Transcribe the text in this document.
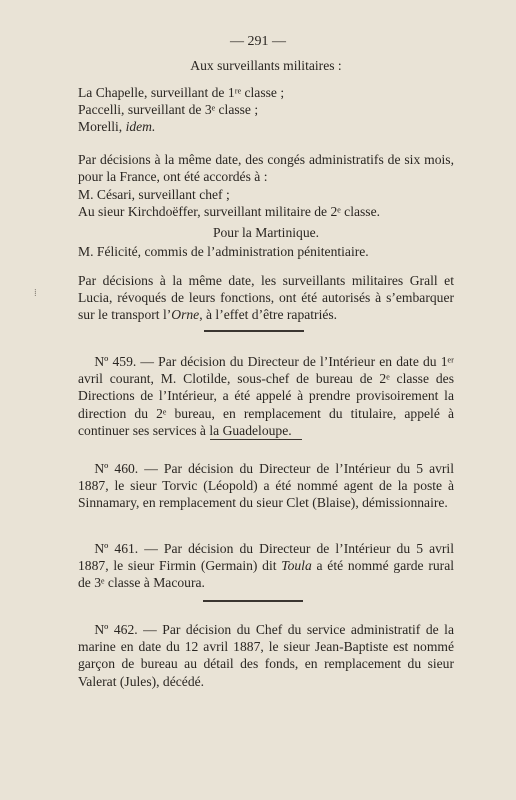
— 291 —

Aux surveillants militaires :

La Chapelle, surveillant de 1ʳᵉ classe ;

Paccelli, surveillant de 3ᵉ classe ;

Morelli, idem.

Par décisions à la même date, des congés administratifs de six mois, pour la France, ont été accordés à :

M. Césari, surveillant chef ;

Au sieur Kirchdoëffer, surveillant militaire de 2ᵉ classe.

Pour la Martinique.

M. Félicité, commis de l’administration pénitentiaire.

Par décisions à la même date, les surveillants militaires Grall et Lucia, révoqués de leurs fonctions, ont été autorisés à s’embarquer sur le transport l’Orne, à l’effet d’être rapatriés.

⁞

Nº 459. — Par décision du Directeur de l’Intérieur en date du 1ᵉʳ avril courant, M. Clotilde, sous-chef de bureau de 2ᵉ classe des Directions de l’Intérieur, a été appelé à prendre provisoirement la direction du 2ᵉ bureau, en remplacement du titulaire, appelé à continuer ses services à la Guadeloupe.

Nº 460. — Par décision du Directeur de l’Intérieur du 5 avril 1887, le sieur Torvic (Léopold) a été nommé agent de la poste à Sinnamary, en remplacement du sieur Clet (Blaise), démissionnaire.

Nº 461. — Par décision du Directeur de l’Intérieur du 5 avril 1887, le sieur Firmin (Germain) dit Toula a été nommé garde rural de 3ᵉ classe à Macoura.

Nº 462. — Par décision du Chef du service administratif de la marine en date du 12 avril 1887, le sieur Jean-Baptiste est nommé garçon de bureau au détail des fonds, en remplacement du sieur Valerat (Jules), décédé.
